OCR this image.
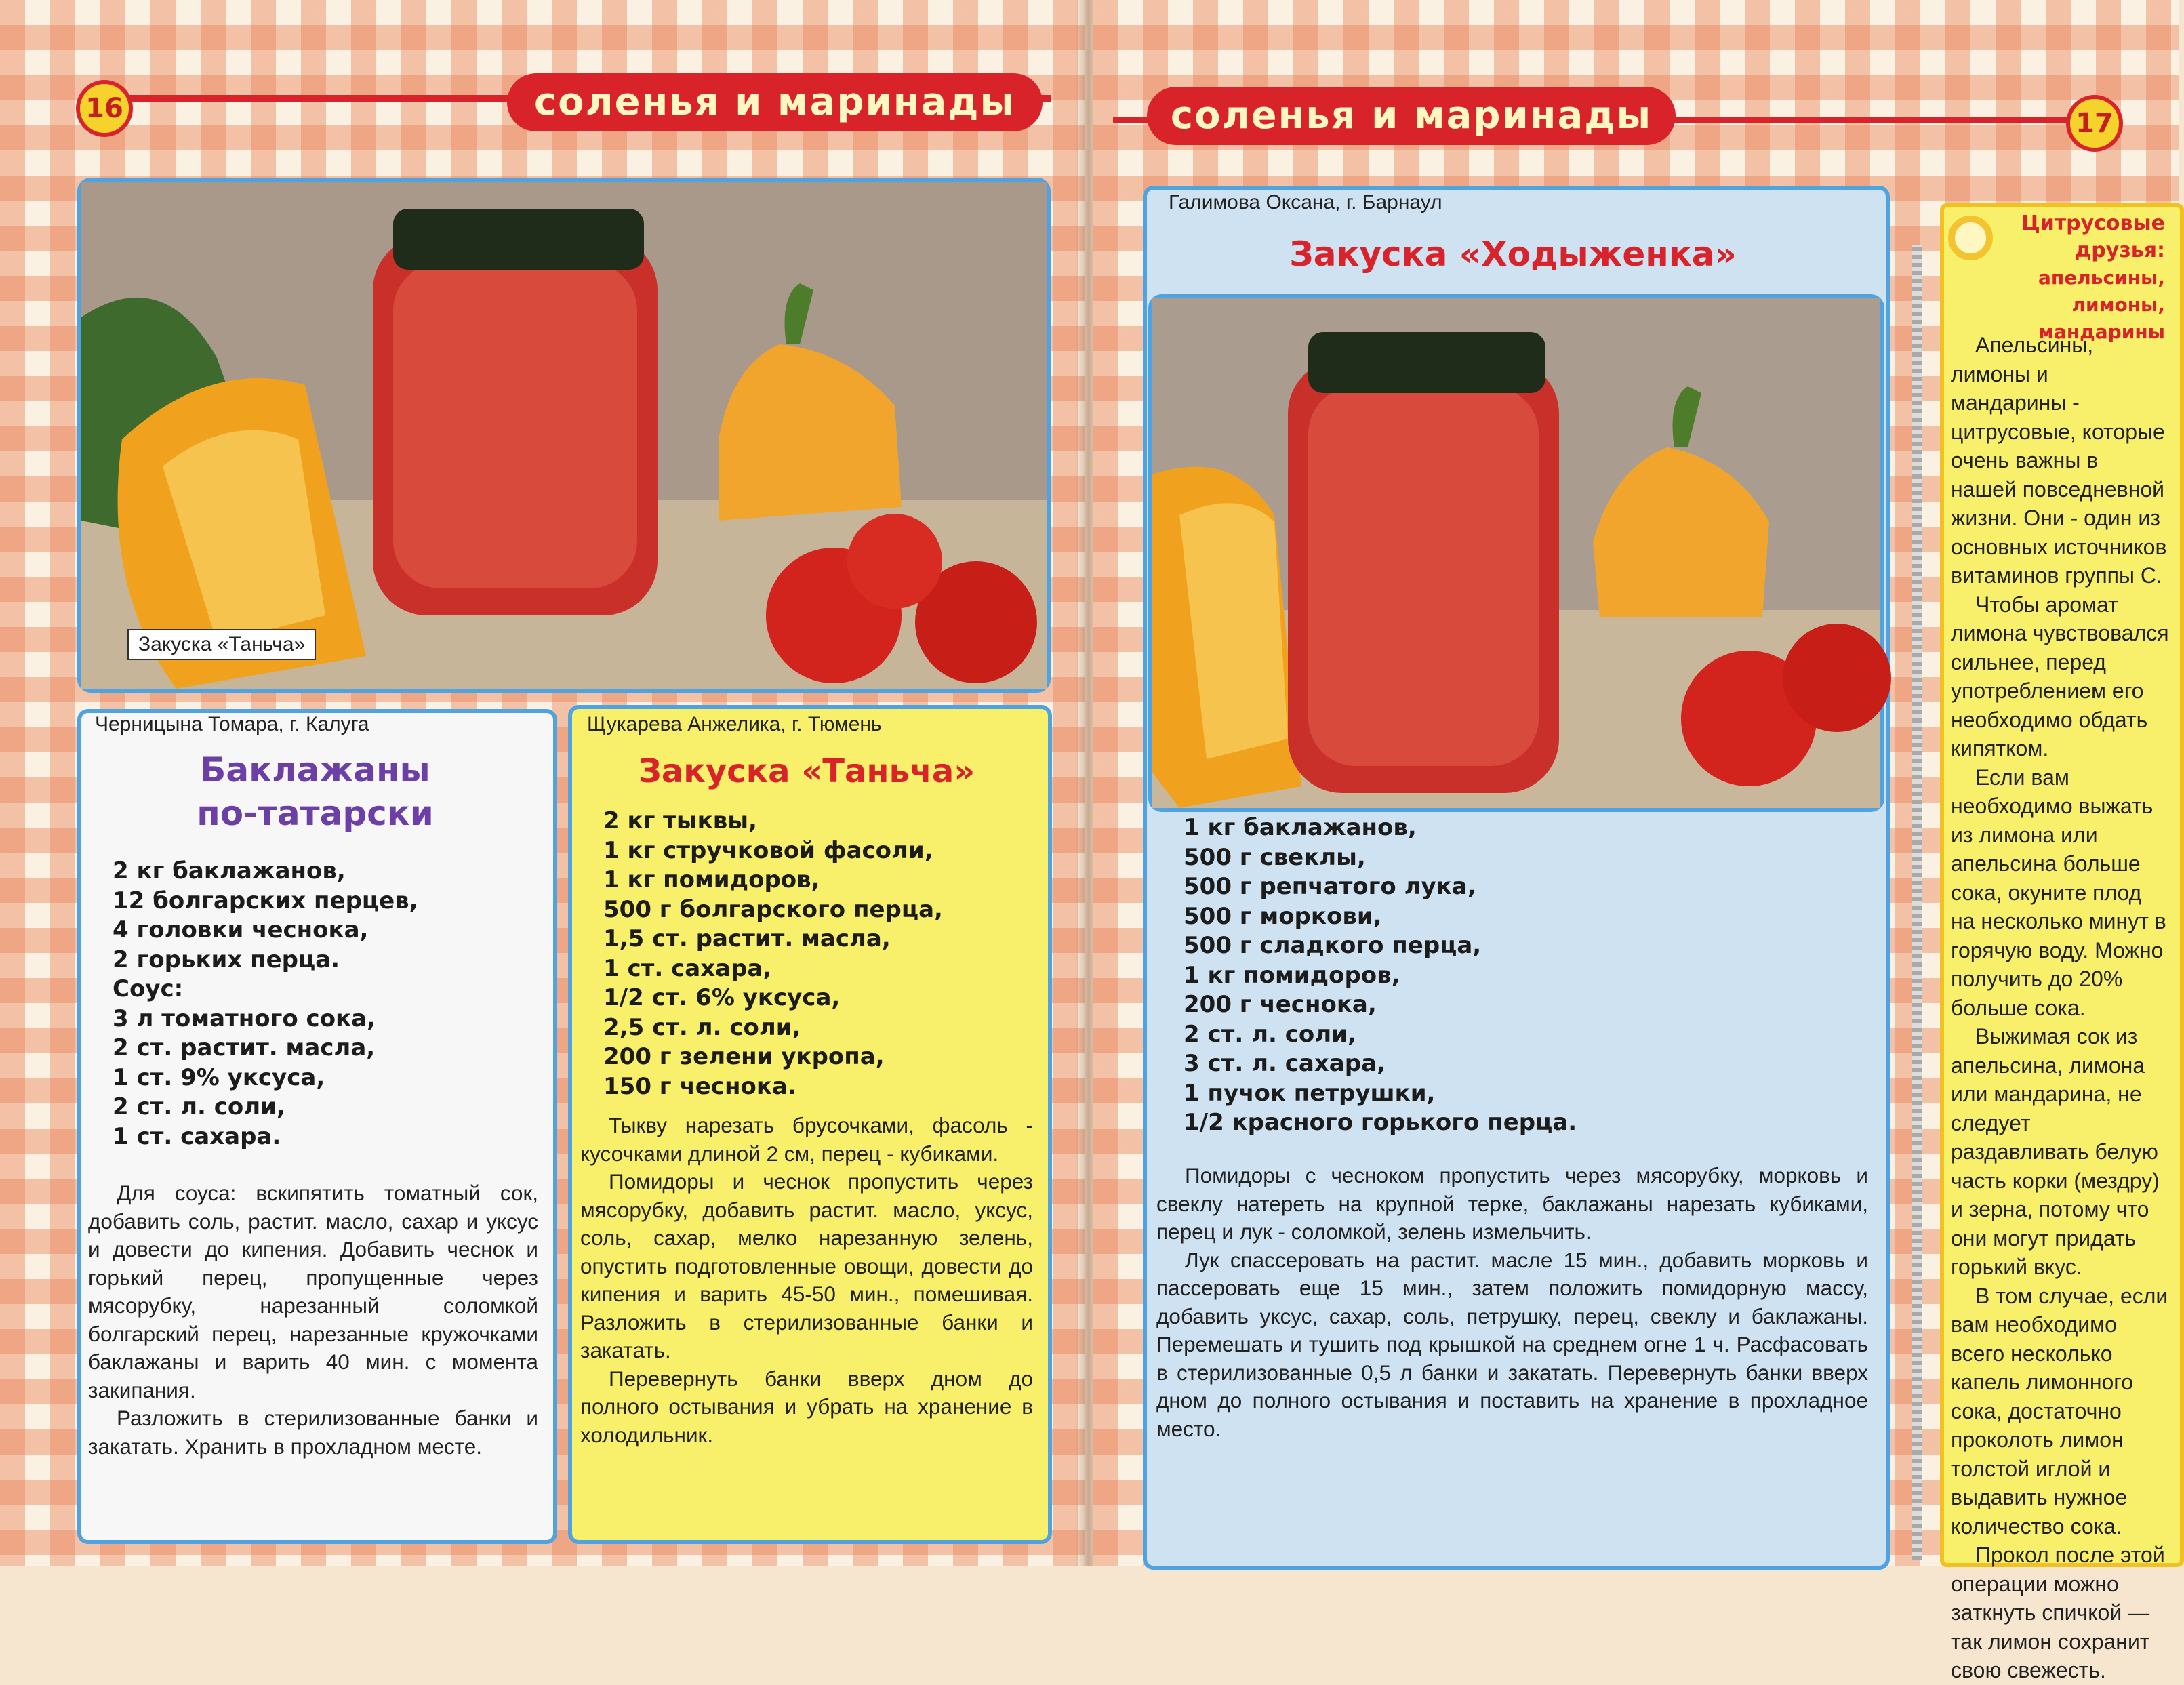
16	соленья и маринады
Закуска «Таньча»
Черницына Томара, г. Калуга
Баклажаны
по-татарски
2 кг баклажанов,
12 болгарских перцев,
4 головки чеснока,
2 горьких перца.
Соус:
3 л томатного сока,
2 ст. растит. масла,
1 ст. 9% уксуса,
2 ст. л. соли,
1 ст. сахара.

Для соуса: вскипятить томатный сок, добавить соль, растит. масло, сахар и уксус и довести до кипения. Добавить чеснок и горький перец, пропущенные через мясорубку, нарезанный соломкой болгарский перец, нарезанные кружочками баклажаны и варить 40 мин. с момента закипания.

Разложить в стерилизованные банки и закатать. Хранить в прохладном месте.

Щукарева Анжелика, г. Тюмень
Закуска «Таньча»
2 кг тыквы,
1 кг стручковой фасоли,
1 кг помидоров,
500 г болгарского перца,
1,5 ст. растит. масла,
1 ст. сахара,
1/2 ст. 6% уксуса,
2,5 ст. л. соли,
200 г зелени укропа,
150 г чеснока.

Тыкву нарезать брусочками, фасоль - кусочками длиной 2 см, перец - кубиками.

Помидоры и чеснок пропустить через мясорубку, добавить растит. масло, уксус, соль, сахар, мелко нарезанную зелень, опустить подготовленные овощи, довести до кипения и варить 45-50 мин., помешивая. Разложить в стерилизованные банки и закатать.

Перевернуть банки вверх дном до полного остывания и убрать на хранение в холодильник.

соленья и маринады	17
Галимова Оксана, г. Барнаул
Закуска «Ходыженка»
1 кг баклажанов,
500 г свеклы,
500 г репчатого лука,
500 г моркови,
500 г сладкого перца,
1 кг помидоров,
200 г чеснока,
2 ст. л. соли,
3 ст. л. сахара,
1 пучок петрушки,
1/2 красного горького перца.

Помидоры с чесноком пропустить через мясорубку, морковь и свеклу натереть на крупной терке, баклажаны нарезать кубиками, перец и лук - соломкой, зелень измельчить.

Лук спассеровать на растит. масле 15 мин., добавить морковь и пассеровать еще 15 мин., затем положить помидорную массу, добавить уксус, сахар, соль, петрушку, перец, свеклу и баклажаны. Перемешать и тушить под крышкой на среднем огне 1 ч. Расфасовать в стерилизованные 0,5 л банки и закатать. Перевернуть банки вверх дном до полного остывания и поставить на хранение в прохладное место.

Цитрусовые друзья:
апельсины, лимоны,
мандарины

Апельсины, лимоны и мандарины - цитрусовые, которые очень важны в нашей повседневной жизни. Они - один из основных источников витаминов группы С.

Чтобы аромат лимона чувствовался сильнее, перед употреблением его необходимо обдать кипятком.

Если вам необходимо выжать из лимона или апельсина больше сока, окуните плод на несколько минут в горячую воду. Можно получить до 20% больше сока.

Выжимая сок из апельсина, лимона или мандарина, не следует раздавливать белую часть корки (мездру) и зерна, потому что они могут придать горький вкус.

В том случае, если вам необходимо всего несколько капель лимонного сока, достаточно проколоть лимон толстой иглой и выдавить нужное количество сока.

Прокол после этой операции можно заткнуть спичкой — так лимон сохранит свою свежесть.
